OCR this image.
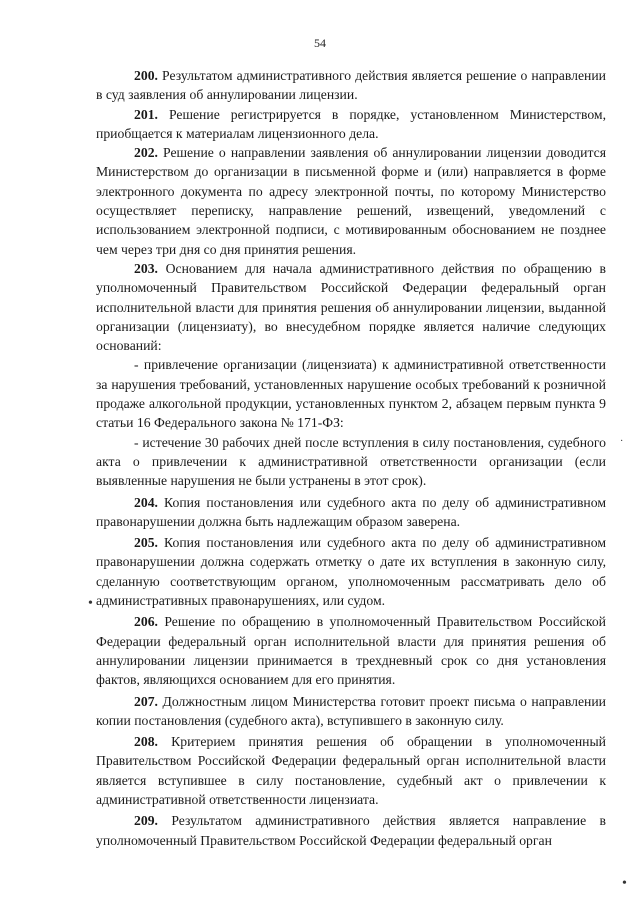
54

200. Результатом административного действия является решение о направлении в суд заявления об аннулировании лицензии.

201. Решение регистрируется в порядке, установленном Министерством, приобщается к материалам лицензионного дела.

202. Решение о направлении заявления об аннулировании лицензии доводится Министерством до организации в письменной форме и (или) направляется в форме электронного документа по адресу электронной почты, по которому Министерство осуществляет переписку, направление решений, извещений, уведомлений с использованием электронной подписи, с мотивированным обоснованием не позднее чем через три дня со дня принятия решения.

203. Основанием для начала административного действия по обращению в уполномоченный Правительством Российской Федерации федеральный орган исполнительной власти для принятия решения об аннулировании лицензии, выданной организации (лицензиату), во внесудебном порядке является наличие следующих оснований:

- привлечение организации (лицензиата) к административной ответственности за нарушения требований, установленных нарушение особых требований к розничной продаже алкогольной продукции, установленных пунктом 2, абзацем первым пункта 9 статьи 16 Федерального закона № 171-ФЗ:

- истечение 30 рабочих дней после вступления в силу постановления, судебного акта о привлечении к административной ответственности организации (если выявленные нарушения не были устранены в этот срок).

204. Копия постановления или судебного акта по делу об административном правонарушении должна быть надлежащим образом заверена.

205. Копия постановления или судебного акта по делу об административном правонарушении должна содержать отметку о дате их вступления в законную силу, сделанную соответствующим органом, уполномоченным рассматривать дело об административных правонарушениях, или судом.

206. Решение по обращению в уполномоченный Правительством Российской Федерации федеральный орган исполнительной власти для принятия решения об аннулировании лицензии принимается в трехдневный срок со дня установления фактов, являющихся основанием для его принятия.

207. Должностным лицом Министерства готовит проект письма о направлении копии постановления (судебного акта), вступившего в законную силу.

208. Критерием принятия решения об обращении в уполномоченный Правительством Российской Федерации федеральный орган исполнительной власти является вступившее в силу постановление, судебный акт о привлечении к административной ответственности лицензиата.

209. Результатом административного действия является направление в уполномоченный Правительством Российской Федерации федеральный орган

•
·
•
